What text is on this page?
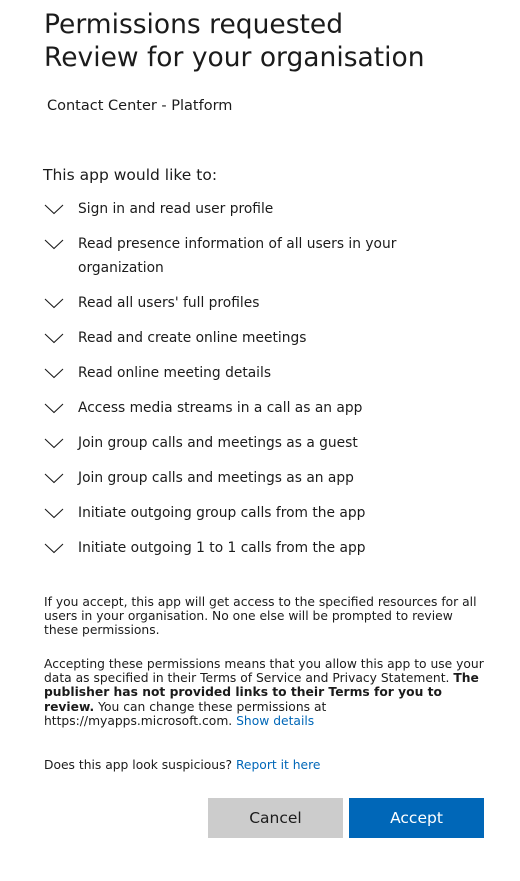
Permissions requested
Review for your organisation
Contact Center - Platform
This app would like to:
Sign in and read user profile
Read presence information of all users in your organization
Read all users' full profiles
Read and create online meetings
Read online meeting details
Access media streams in a call as an app
Join group calls and meetings as a guest
Join group calls and meetings as an app
Initiate outgoing group calls from the app
Initiate outgoing 1 to 1 calls from the app
If you accept, this app will get access to the specified resources for all users in your organisation. No one else will be prompted to review these permissions.
Accepting these permissions means that you allow this app to use your data as specified in their Terms of Service and Privacy Statement. The publisher has not provided links to their Terms for you to review. You can change these permissions at https://myapps.microsoft.com. Show details
Does this app look suspicious? Report it here
Cancel	Accept
